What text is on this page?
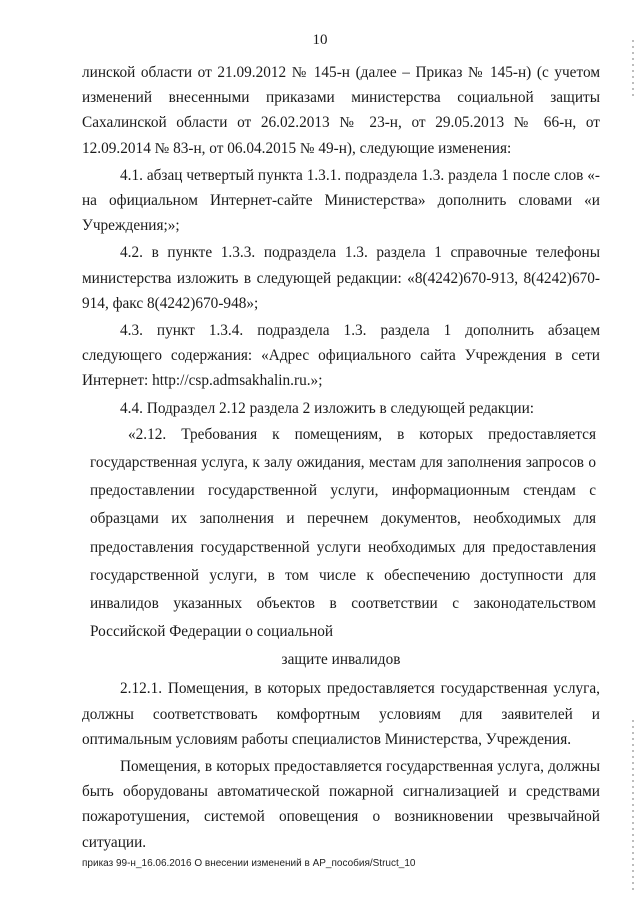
10

линской области от 21.09.2012 № 145-н (далее – Приказ № 145-н) (с учетом изменений внесенными приказами министерства социальной защиты Сахалинской области от 26.02.2013 № 23-н, от 29.05.2013 № 66-н, от 12.09.2014 № 83-н, от 06.04.2015 № 49-н), следующие изменения:

4.1. абзац четвертый пункта 1.3.1. подраздела 1.3. раздела 1 после слов «- на официальном Интернет-сайте Министерства» дополнить словами «и Учреждения;»;

4.2. в пункте 1.3.3. подраздела 1.3. раздела 1 справочные телефоны министерства изложить в следующей редакции: «8(4242)670-913, 8(4242)670-914, факс 8(4242)670-948»;

4.3. пункт 1.3.4. подраздела 1.3. раздела 1 дополнить абзацем следующего содержания: «Адрес официального сайта Учреждения в сети Интернет: http://csp.admsakhalin.ru.»;

4.4. Подраздел 2.12 раздела 2 изложить в следующей редакции:

«2.12. Требования к помещениям, в которых предоставляется государственная услуга, к залу ожидания, местам для заполнения запросов о предоставлении государственной услуги, информационным стендам с образцами их заполнения и перечнем документов, необходимых для предоставления государственной услуги необходимых для предоставления государственной услуги, в том числе к обеспечению доступности для инвалидов указанных объектов в соответствии с законодательством Российской Федерации о социальной

защите инвалидов

2.12.1. Помещения, в которых предоставляется государственная услуга, должны соответствовать комфортным условиям для заявителей и оптимальным условиям работы специалистов Министерства, Учреждения.

Помещения, в которых предоставляется государственная услуга, должны быть оборудованы автоматической пожарной сигнализацией и средствами пожаротушения, системой оповещения о возникновении чрезвычайной ситуации.

приказ 99-н_16.06.2016 О внесении изменений в АР_пособия/Struct_10
